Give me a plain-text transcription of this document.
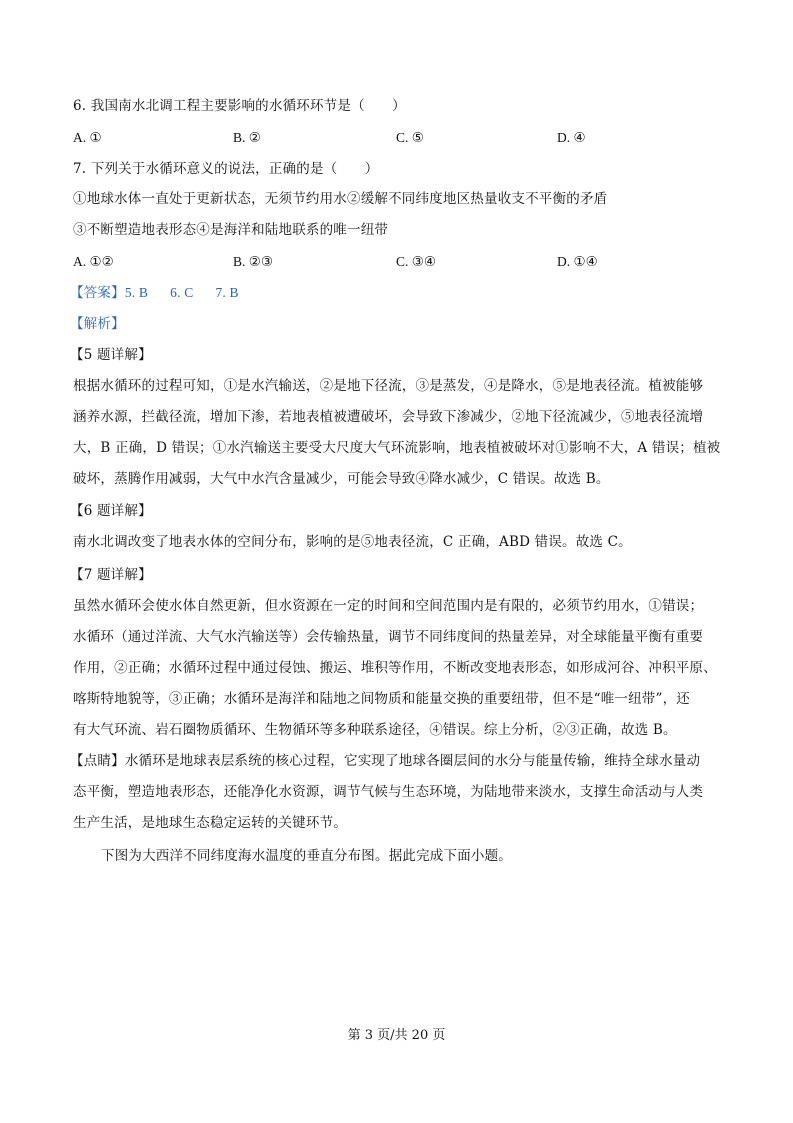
6. 我国南水北调工程主要影响的水循环环节是（　　）
A. ①	B. ②	C. ⑤	D. ④
7. 下列关于水循环意义的说法，正确的是（　　）
①地球水体一直处于更新状态，无须节约用水②缓解不同纬度地区热量收支不平衡的矛盾
③不断塑造地表形态④是海洋和陆地联系的唯一纽带
A. ①②	B. ②③	C. ③④	D. ①④
【答案】5. B 6. C 7. B
【解析】
【5 题详解】
根据水循环的过程可知，①是水汽输送，②是地下径流，③是蒸发，④是降水，⑤是地表径流。植被能够
涵养水源，拦截径流，增加下渗，若地表植被遭破坏，会导致下渗减少，②地下径流减少，⑤地表径流增
大，B 正确，D 错误；①水汽输送主要受大尺度大气环流影响，地表植被破坏对①影响不大，A 错误；植被
破坏，蒸腾作用减弱，大气中水汽含量减少，可能会导致④降水减少，C 错误。故选 B。
【6 题详解】
南水北调改变了地表水体的空间分布，影响的是⑤地表径流，C 正确，ABD 错误。故选 C。
【7 题详解】
虽然水循环会使水体自然更新，但水资源在一定的时间和空间范围内是有限的，必须节约用水，①错误；
水循环（通过洋流、大气水汽输送等）会传输热量，调节不同纬度间的热量差异，对全球能量平衡有重要
作用，②正确；水循环过程中通过侵蚀、搬运、堆积等作用，不断改变地表形态，如形成河谷、冲积平原、
喀斯特地貌等，③正确；水循环是海洋和陆地之间物质和能量交换的重要纽带，但不是“唯一纽带”，还
有大气环流、岩石圈物质循环、生物循环等多种联系途径，④错误。综上分析，②③正确，故选 B。
【点睛】水循环是地球表层系统的核心过程，它实现了地球各圈层间的水分与能量传输，维持全球水量动
态平衡，塑造地表形态，还能净化水资源，调节气候与生态环境，为陆地带来淡水，支撑生命活动与人类
生产生活，是地球生态稳定运转的关键环节。
下图为大西洋不同纬度海水温度的垂直分布图。据此完成下面小题。
第 3 页/共 20 页
